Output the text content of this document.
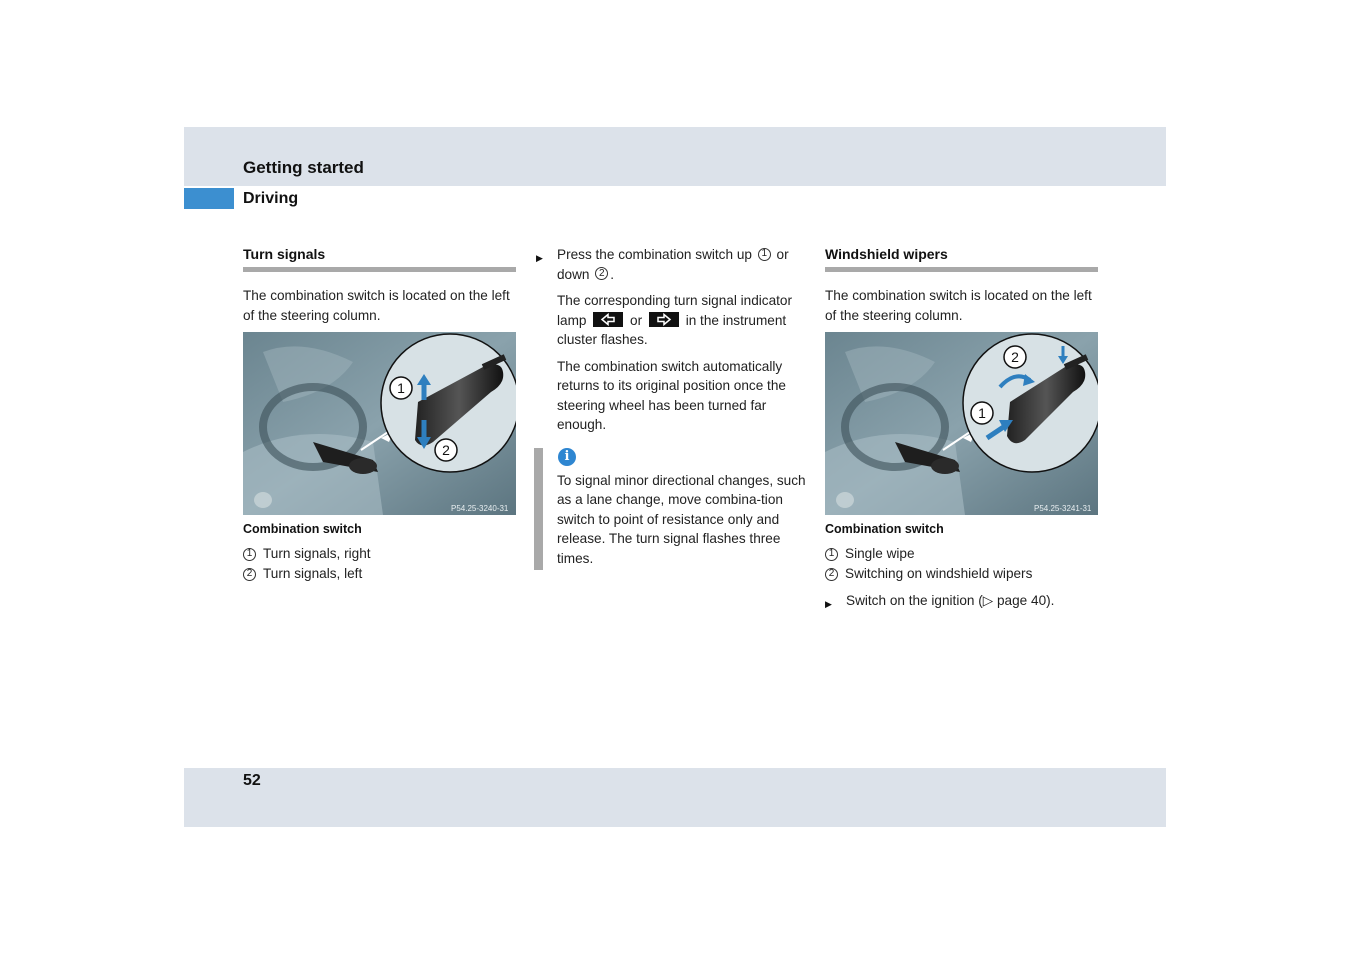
Getting started
Driving
Turn signals
The combination switch is located on the left of the steering column.
1
2
P54.25-3240-31
Combination switch
1 Turn signals, right
2 Turn signals, left
▶	Press the combination switch up 1 or down 2 .
The corresponding turn signal indicator lamp	or	in the instrument cluster flashes.
The combination switch automatically returns to its original position once the steering wheel has been turned far enough.
i
To signal minor directional changes, such as a lane change, move combina-tion switch to point of resistance only and release. The turn signal flashes three times.
Windshield wipers
The combination switch is located on the left of the steering column.
2
1
P54.25-3241-31
Combination switch
1 Single wipe
2 Switching on windshield wipers
▶	Switch on the ignition (▷ page 40).
52
